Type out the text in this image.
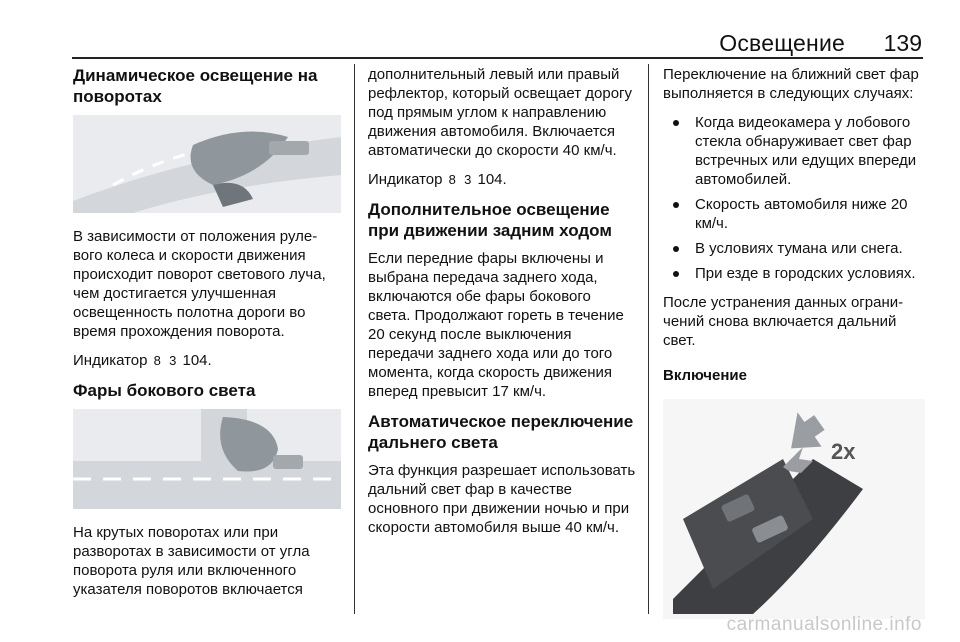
Освещение 139
Динамическое освещение на поворотах

В зависимости от положения рулевого колеса и скорости движения происходит поворот светового луча, чем достигается улучшенная освещенность полотна дороги во время прохождения поворота.

Индикатор 8 3 104.

Фары бокового света

На крутых поворотах или при разворотах в зависимости от угла поворота руля или включенного указателя поворотов включается

дополнительный левый или правый рефлектор, который освещает дорогу под прямым углом к направлению движения автомобиля. Включается автоматически до скорости 40 км/ч.

Индикатор 8 3 104.

Дополнительное освещение при движении задним ходом

Если передние фары включены и выбрана передача заднего хода, включаются обе фары бокового света. Продолжают гореть в течение 20 секунд после выключения передачи заднего хода или до того момента, когда скорость движения вперед превысит 17 км/ч.

Автоматическое переключение дальнего света

Эта функция разрешает использовать дальний свет фар в качестве основного при движении ночью и при скорости автомобиля выше 40 км/ч.

Переключение на ближний свет фар выполняется в следующих случаях:

Когда видеокамера у лобового стекла обнаруживает свет фар встречных или едущих впереди автомобилей.
Скорость автомобиля ниже 20 км/ч.
В условиях тумана или снега.
При езде в городских условиях.

После устранения данных ограничений снова включается дальний свет.

Включение
2x
carmanualsonline.info
